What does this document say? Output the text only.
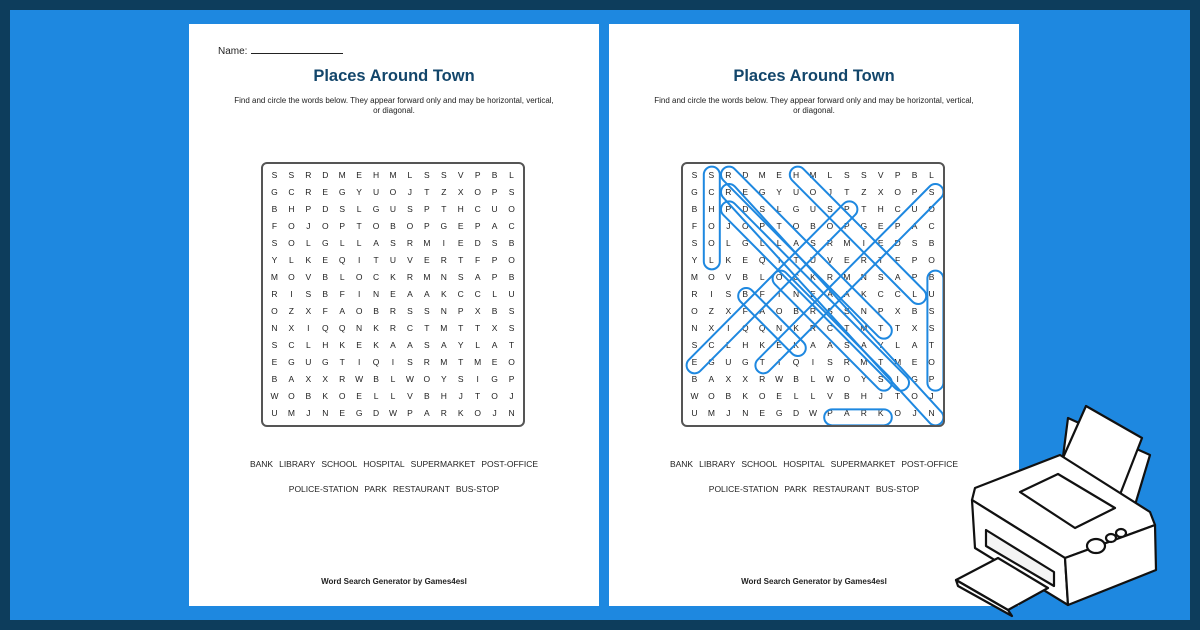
Name:
Places Around Town
Find and circle the words below. They appear forward only and may be horizontal, vertical, or diagonal.
S	S	R	D	M	E	H	M	L	S	S	V	P	B	L
G	C	R	E	G	Y	U	O	J	T	Z	X	O	P	S
B	H	P	D	S	L	G	U	S	P	T	H	C	U	O
F	O	J	O	P	T	O	B	O	P	G	E	P	A	C
S	O	L	G	L	L	A	S	R	M	I	E	D	S	B
Y	L	K	E	Q	I	T	U	V	E	R	T	F	P	O
M	O	V	B	L	O	C	K	R	M	N	S	A	P	B
R	I	S	B	F	I	N	E	A	A	K	C	C	L	U
O	Z	X	F	A	O	B	R	S	S	N	P	X	B	S
N	X	I	Q	Q	N	K	R	C	T	M	T	T	X	S
S	C	L	H	K	E	K	A	A	S	A	Y	L	A	T
E	G	U	G	T	I	Q	I	S	R	M	T	M	E	O
B	A	X	X	R	W	B	L	W	O	Y	S	I	G	P
W	O	B	K	O	E	L	L	V	B	H	J	T	O	J
U	M	J	N	E	G	D	W	P	A	R	K	O	J	N
BANK LIBRARY SCHOOL HOSPITAL SUPERMARKET POST-OFFICE
POLICE-STATION PARK RESTAURANT BUS-STOP
Word Search Generator by Games4esl
Places Around Town
Find and circle the words below. They appear forward only and may be horizontal, vertical, or diagonal.
S	S	R	D	M	E	H	M	L	S	S	V	P	B	L
G	C	R	E	G	Y	U	O	J	T	Z	X	O	P	S
B	H	P	D	S	L	G	U	S	P	T	H	C	U	O
F	O	J	O	P	T	O	B	O	P	G	E	P	A	C
S	O	L	G	L	L	A	S	R	M	I	E	D	S	B
Y	L	K	E	Q	I	T	U	V	E	R	T	F	P	O
M	O	V	B	L	O	C	K	R	M	N	S	A	P	B
R	I	S	B	F	I	N	E	A	A	K	C	C	L	U
O	Z	X	F	A	O	B	R	S	S	N	P	X	B	S
N	X	I	Q	Q	N	K	R	C	T	M	T	T	X	S
S	C	L	H	K	E	K	A	A	S	A	Y	L	A	T
E	G	U	G	T	I	Q	I	S	R	M	T	M	E	O
B	A	X	X	R	W	B	L	W	O	Y	S	I	G	P
W	O	B	K	O	E	L	L	V	B	H	J	T	O	J
U	M	J	N	E	G	D	W	P	A	R	K	O	J	N
BANK LIBRARY SCHOOL HOSPITAL SUPERMARKET POST-OFFICE
POLICE-STATION PARK RESTAURANT BUS-STOP
Word Search Generator by Games4esl
